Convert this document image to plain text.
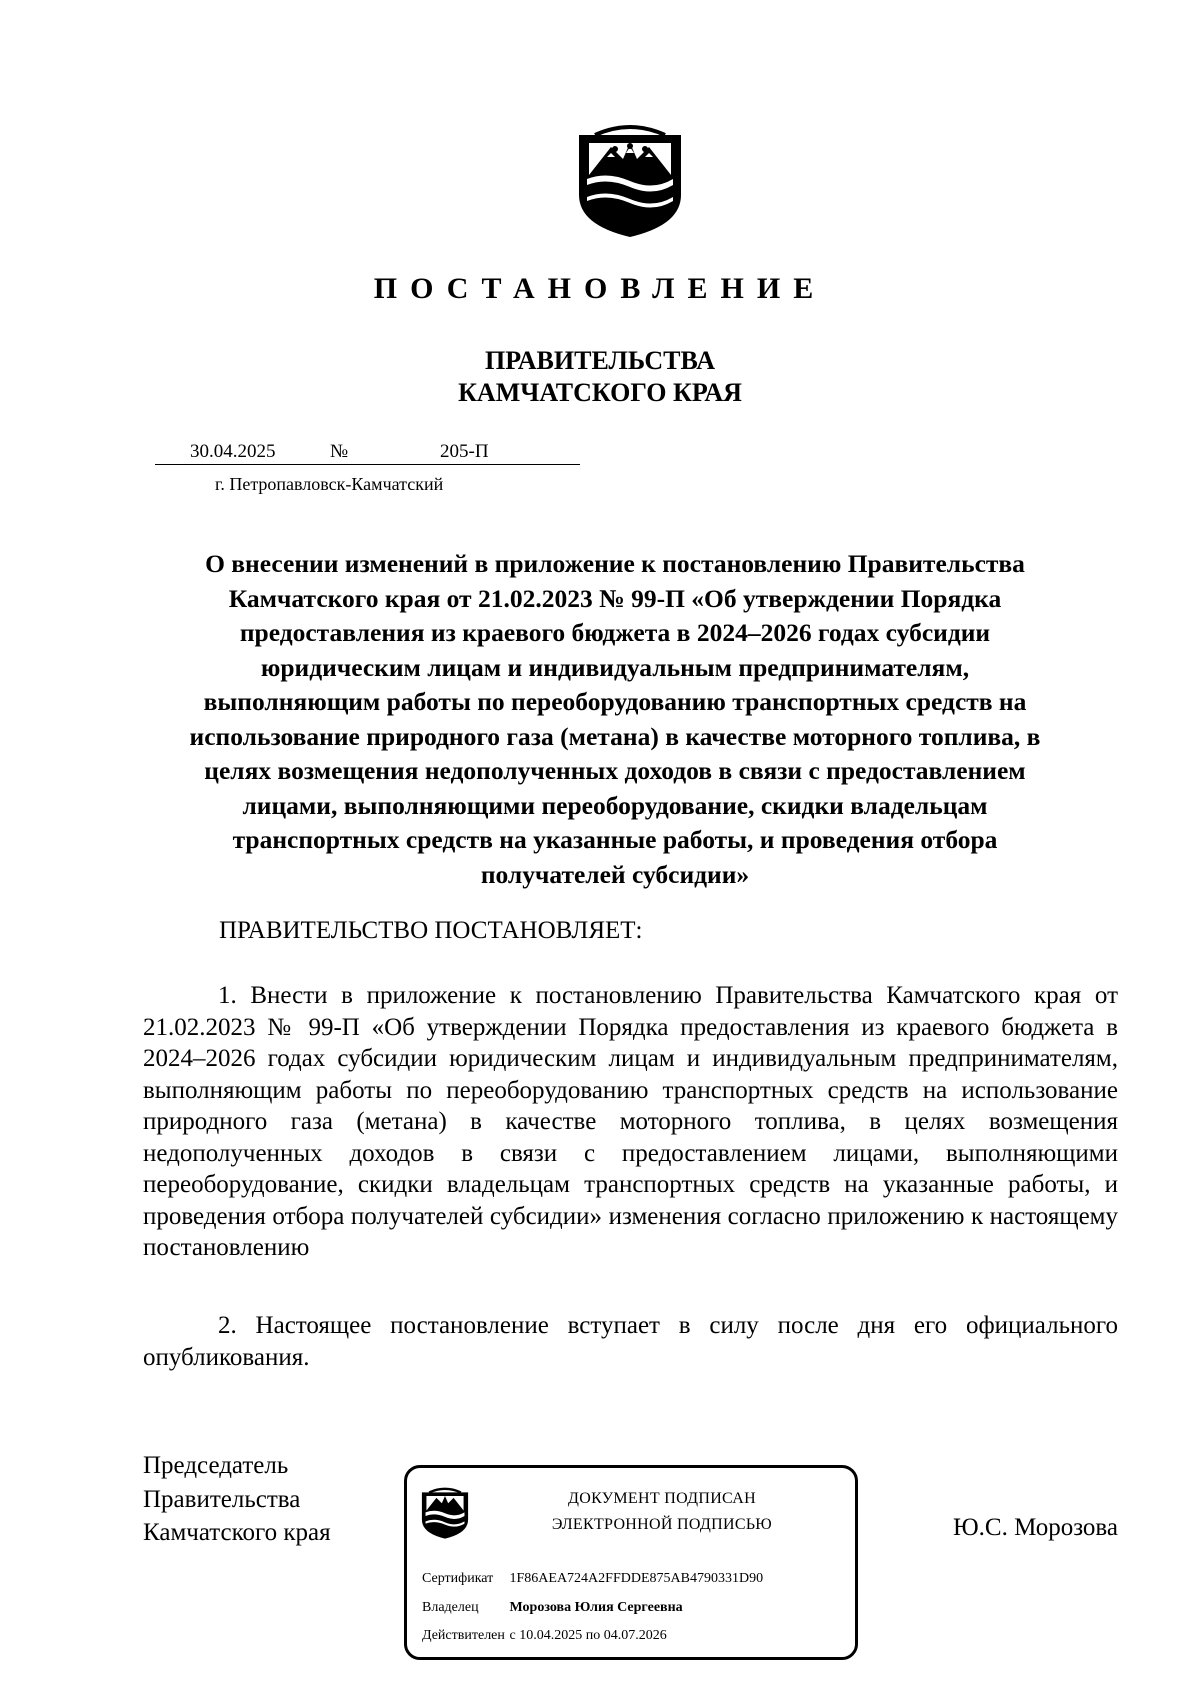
ПОСТАНОВЛЕНИЕ
ПРАВИТЕЛЬСТВА
КАМЧАТСКОГО КРАЯ
30.04.2025	№	205-П
г. Петропавловск-Камчатский
О внесении изменений в приложение к постановлению Правительства
Камчатского края от 21.02.2023 № 99-П «Об утверждении Порядка
предоставления из краевого бюджета в 2024–2026 годах субсидии
юридическим лицам и индивидуальным предпринимателям,
выполняющим работы по переоборудованию транспортных средств на
использование природного газа (метана) в качестве моторного топлива, в
целях возмещения недополученных доходов в связи с предоставлением
лицами, выполняющими переоборудование, скидки владельцам
транспортных средств на указанные работы, и проведения отбора
получателей субсидии»
ПРАВИТЕЛЬСТВО ПОСТАНОВЛЯЕТ:
1. Внести в приложение к постановлению Правительства Камчатского края от 21.02.2023 № 99-П «Об утверждении Порядка предоставления из краевого бюджета в 2024–2026 годах субсидии юридическим лицам и индивидуальным предпринимателям, выполняющим работы по переоборудованию транспортных средств на использование природного газа (метана) в качестве моторного топлива, в целях возмещения недополученных доходов в связи с предоставлением лицами, выполняющими переоборудование, скидки владельцам транспортных средств на указанные работы, и проведения отбора получателей субсидии» изменения согласно приложению к настоящему постановлению
2. Настоящее постановление вступает в силу после дня его официального опубликования.
Председатель
Правительства
Камчатского края
ДОКУМЕНТ ПОДПИСАН
ЭЛЕКТРОННОЙ ПОДПИСЬЮ
Сертификат 1F86AEA724A2FFDDE875AB4790331D90
Владелец Морозова Юлия Сергеевна
Действителен с 10.04.2025 по 04.07.2026
Ю.С. Морозова
